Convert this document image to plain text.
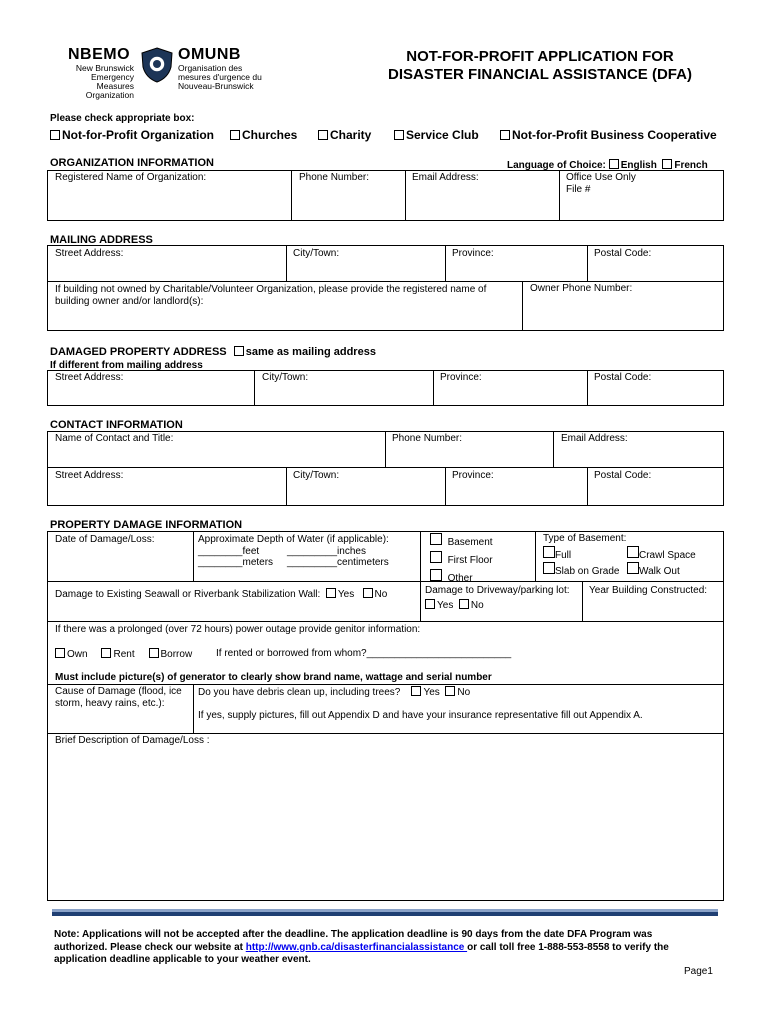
NBEMO
New Brunswick
Emergency Measures
Organization
OMUNB
Organisation des
mesures d'urgence du
Nouveau-Brunswick
NOT-FOR-PROFIT APPLICATION FOR
DISASTER FINANCIAL ASSISTANCE (DFA)
Please check appropriate box:
Not-for-Profit Organization	Churches	Charity	Service Club	Not-for-Profit Business Cooperative
ORGANIZATION INFORMATION	Language of Choice: English French
Registered Name of Organization:	Phone Number:	Email Address:	Office Use Only
File #
MAILING ADDRESS
Street Address:	City/Town:	Province:	Postal Code:
If building not owned by Charitable/Volunteer Organization, please provide the registered name of building owner and/or landlord(s):
Owner Phone Number:
DAMAGED PROPERTY ADDRESS same as mailing address
If different from mailing address
Street Address:	City/Town:	Province:	Postal Code:
CONTACT INFORMATION
Name of Contact and Title:	Phone Number:	Email Address:
Street Address:	City/Town:	Province:	Postal Code:
PROPERTY DAMAGE INFORMATION
Date of Damage/Loss:	Approximate Depth of Water (if applicable):
________feet	_________inches
________meters _________centimeters
Basement
First Floor
Other
Type of Basement:
Full	Crawl Space
Slab on Grade	Walk Out
Damage to Existing Seawall or Riverbank Stabilization Wall: Yes No	Damage to Driveway/parking lot:
Yes No
Year Building Constructed:
If there was a prolonged (over 72 hours) power outage provide genitor information:
Own	Rent	Borrow If rented or borrowed from whom?__________________________
Must include picture(s) of generator to clearly show brand name, wattage and serial number
Cause of Damage (flood, ice storm, heavy rains, etc.):
Do you have debris clean up, including trees? Yes No
If yes, supply pictures, fill out Appendix D and have your insurance representative fill out Appendix A.
Brief Description of Damage/Loss :
Note: Applications will not be accepted after the deadline. The application deadline is 90 days from the date DFA Program was authorized. Please check our website at http://www.gnb.ca/disasterfinancialassistance or call toll free 1-888-553-8558 to verify the application deadline applicable to your weather event.
Page1
